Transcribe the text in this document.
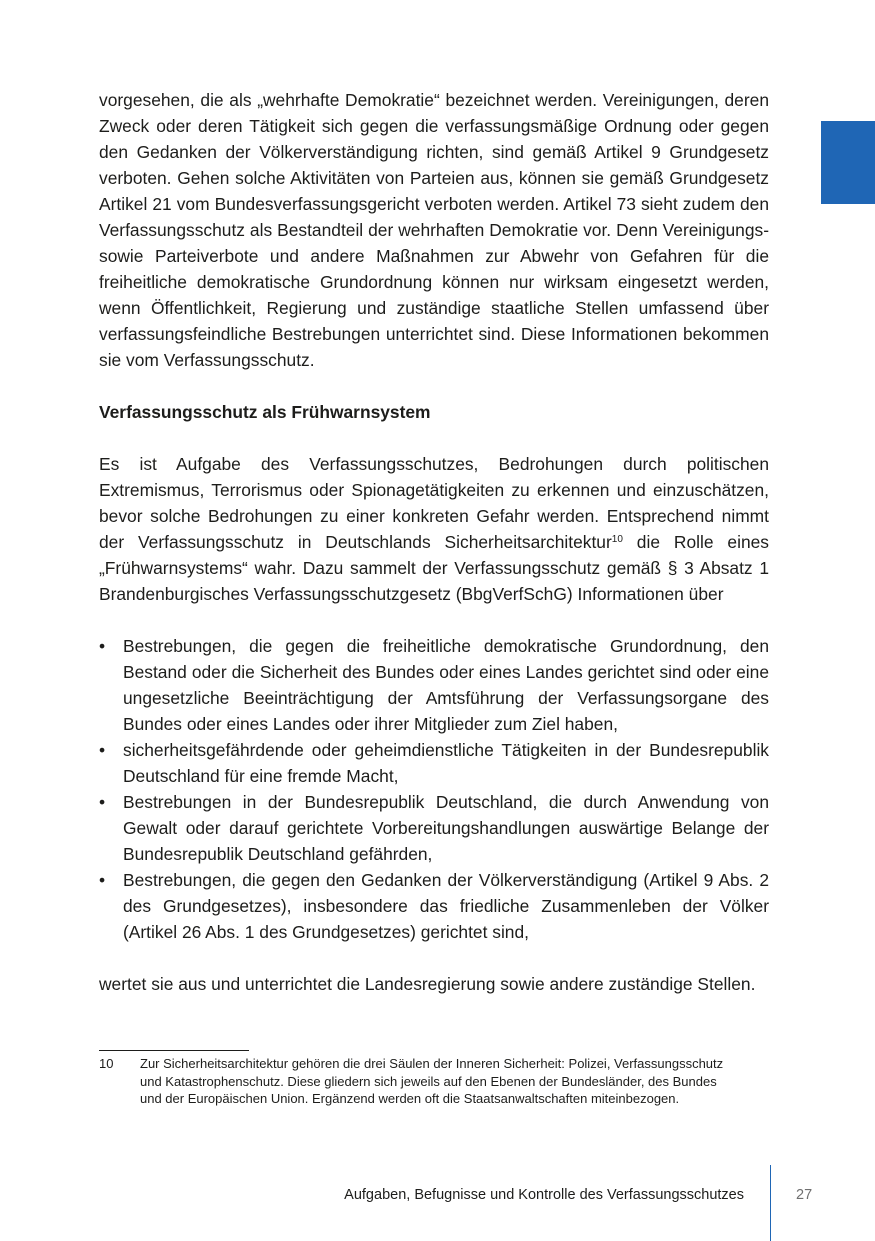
vorgesehen, die als „wehrhafte Demokratie“ bezeichnet werden. Vereinigungen, deren Zweck oder deren Tätigkeit sich gegen die verfassungsmäßige Ordnung oder gegen den Gedanken der Völkerverständigung richten, sind gemäß Artikel 9 Grundgesetz verboten. Gehen solche Aktivitäten von Parteien aus, können sie gemäß Grundgesetz Artikel 21 vom Bundesverfassungsgericht verboten werden. Artikel 73 sieht zudem den Verfassungsschutz als Bestandteil der wehrhaften Demokratie vor. Denn Vereinigungs- sowie Parteiverbote und andere Maßnahmen zur Abwehr von Gefahren für die freiheitliche demokratische Grundordnung können nur wirksam eingesetzt werden, wenn Öffentlichkeit, Regierung und zuständige staatliche Stellen umfassend über verfassungsfeindliche Bestrebungen unterrichtet sind. Diese Informationen bekommen sie vom Verfassungsschutz.

Verfassungsschutz als Frühwarnsystem

Es ist Aufgabe des Verfassungsschutzes, Bedrohungen durch politischen Extremismus, Terrorismus oder Spionagetätigkeiten zu erkennen und einzuschätzen, bevor solche Bedrohungen zu einer konkreten Gefahr werden. Entsprechend nimmt der Verfassungsschutz in Deutschlands Sicherheitsarchitektur$^{10}$ die Rolle eines „Frühwarnsystems“ wahr. Dazu sammelt der Verfassungsschutz gemäß § 3 Absatz 1 Brandenburgisches Verfassungsschutzgesetz (BbgVerfSchG) Informationen über

• Bestrebungen, die gegen die freiheitliche demokratische Grundordnung, den Bestand oder die Sicherheit des Bundes oder eines Landes gerichtet sind oder eine ungesetzliche Beeinträchtigung der Amtsführung der Verfassungsorgane des Bundes oder eines Landes oder ihrer Mitglieder zum Ziel haben,
• sicherheitsgefährdende oder geheimdienstliche Tätigkeiten in der Bundesrepublik Deutschland für eine fremde Macht,
• Bestrebungen in der Bundesrepublik Deutschland, die durch Anwendung von Gewalt oder darauf gerichtete Vorbereitungshandlungen auswärtige Belange der Bundesrepublik Deutschland gefährden,
• Bestrebungen, die gegen den Gedanken der Völkerverständigung (Artikel 9 Abs. 2 des Grundgesetzes), insbesondere das friedliche Zusammenleben der Völker (Artikel 26 Abs. 1 des Grundgesetzes) gerichtet sind,

wertet sie aus und unterrichtet die Landesregierung sowie andere zuständige Stellen.

10 Zur Sicherheitsarchitektur gehören die drei Säulen der Inneren Sicherheit: Polizei, Verfassungsschutz und Katastrophenschutz. Diese gliedern sich jeweils auf den Ebenen der Bundesländer, des Bundes und der Europäischen Union. Ergänzend werden oft die Staatsanwaltschaften miteinbezogen.
Aufgaben, Befugnisse und Kontrolle des Verfassungsschutzes	27
